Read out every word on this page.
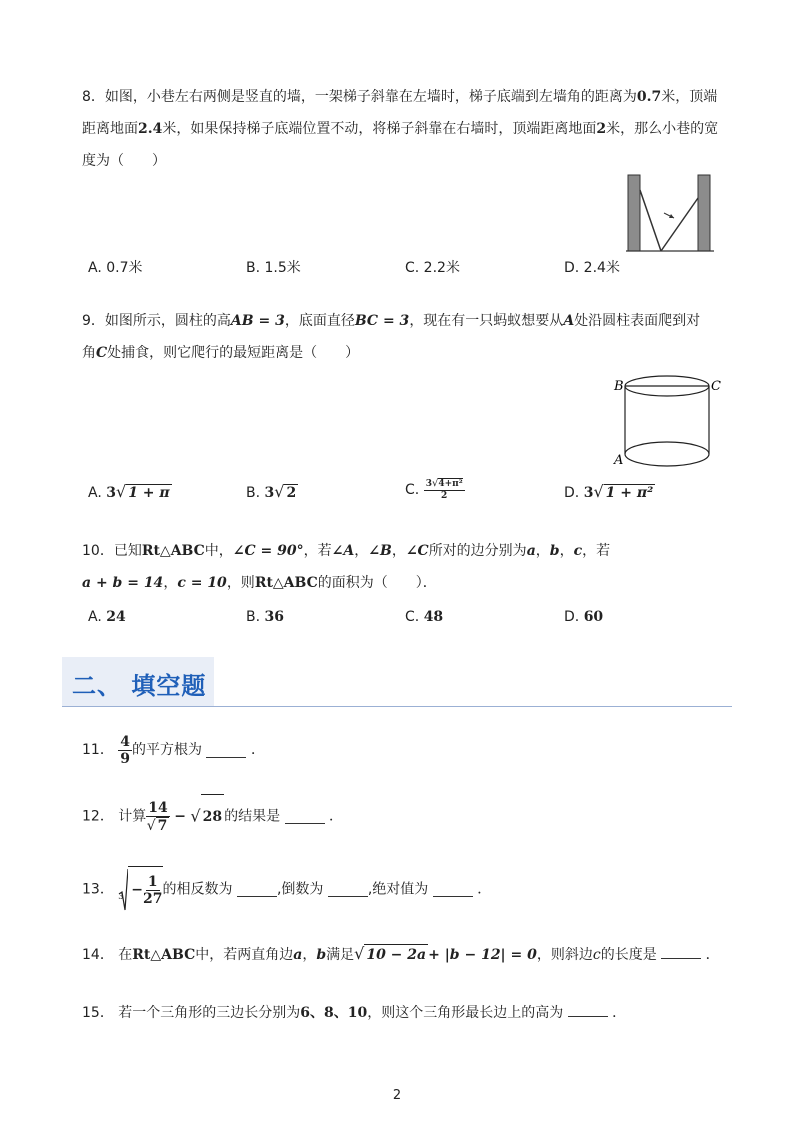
8．如图，小巷左右两侧是竖直的墙，一架梯子斜靠在左墙时，梯子底端到左墙角的距离为0.7米，顶端
距离地面2.4米，如果保持梯子底端位置不动，将梯子斜靠在右墙时，顶端距离地面2米，那么小巷的宽
度为（　　）
A. 0.7米	B. 1.5米	C. 2.2米	D. 2.4米
9．如图所示，圆柱的高AB = 3，底面直径BC = 3，现在有一只蚂蚁想要从A处沿圆柱表面爬到对
角C处捕食，则它爬行的最短距离是（　　）
B	C
A
A. 3√ 1 + π	B. 3√ 2	C. $\frac{\text{3√4+π²}}{2}$	D. 3√ 1 + π²
10．已知Rt△ABC中，∠C = 90°，若∠A，∠B，∠C所对的边分别为a，b，c，若
a + b = 14，c = 10，则Rt△ABC的面积为（　　）．
A. 24	B. 36	C. 48	D. 60
二、 填空题
11． $\frac{4}{9}$ 的平方根为	．
12． 计算 $\frac{14}{√ 7}$ − √ 28 的结果是	．
13． $3 - \frac{1}{27}$ 的相反数为	,倒数为	,绝对值为	．
14． 在Rt△ABC中，若两直角边a，b满足√ 10 − 2a + |b − 12| = 0，则斜边c的长度是	．
15． 若一个三角形的三边长分别为6、8、10，则这个三角形最长边上的高为	．
2
